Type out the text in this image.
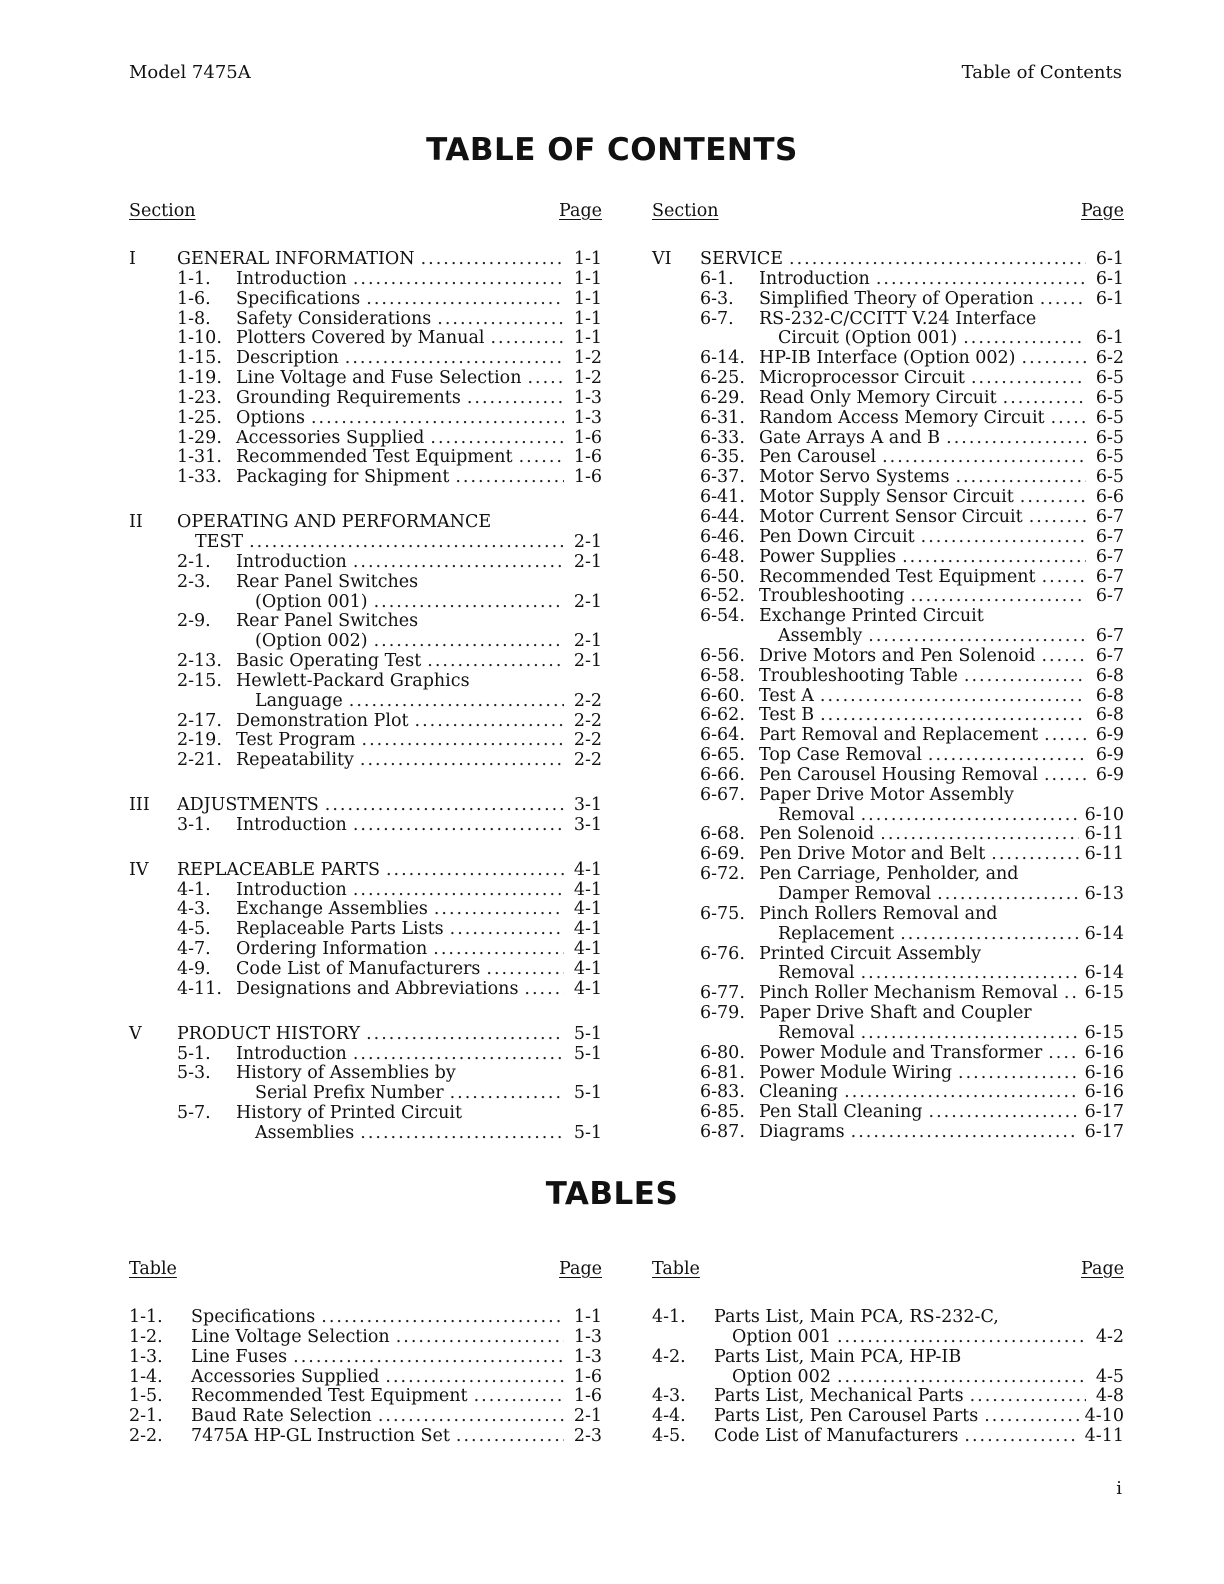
Model 7475A	Table of Contents
TABLE OF CONTENTS
Section	Page
I	GENERAL INFORMATION .....	1-1
1-1.	Introduction .....	1-1
1-6.	Specifications .....	1-1
1-8.	Safety Considerations .....	1-1
1-10. Plotters Covered by Manual .....	1-1
1-15. Description .....	1-2
1-19. Line Voltage and Fuse Selection .....	1-2
1-23. Grounding Requirements .....	1-3
1-25. Options .....	1-3
1-29. Accessories Supplied .....	1-6
1-31. Recommended Test Equipment .....	1-6
1-33. Packaging for Shipment .....	1-6
II	OPERATING AND PERFORMANCE
TEST .....	2-1
2-1.	Introduction .....	2-1
2-3.	Rear Panel Switches
(Option 001) .....	2-1
2-9.	Rear Panel Switches
(Option 002) .....	2-1
2-13. Basic Operating Test .....	2-1
2-15. Hewlett-Packard Graphics
Language .....	2-2
2-17. Demonstration Plot .....	2-2
2-19. Test Program .....	2-2
2-21. Repeatability .....	2-2
III	ADJUSTMENTS .....	3-1
3-1.	Introduction .....	3-1
IV	REPLACEABLE PARTS .....	4-1
4-1.	Introduction .....	4-1
4-3.	Exchange Assemblies .....	4-1
4-5.	Replaceable Parts Lists .....	4-1
4-7.	Ordering Information .....	4-1
4-9.	Code List of Manufacturers .....	4-1
4-11. Designations and Abbreviations .....	4-1
V	PRODUCT HISTORY .....	5-1
5-1.	Introduction .....	5-1
5-3.	History of Assemblies by
Serial Prefix Number .....	5-1
5-7.	History of Printed Circuit
Assemblies .....	5-1
Section	Page
VI	SERVICE .....	6-1
6-1.	Introduction .....	6-1
6-3.	Simplified Theory of Operation .....	6-1
6-7.	RS-232-C/CCITT V.24 Interface
Circuit (Option 001) .....	6-1
6-14. HP-IB Interface (Option 002) .....	6-2
6-25. Microprocessor Circuit .....	6-5
6-29. Read Only Memory Circuit .....	6-5
6-31. Random Access Memory Circuit .....	6-5
6-33. Gate Arrays A and B .....	6-5
6-35. Pen Carousel .....	6-5
6-37. Motor Servo Systems .....	6-5
6-41. Motor Supply Sensor Circuit .....	6-6
6-44. Motor Current Sensor Circuit .....	6-7
6-46. Pen Down Circuit .....	6-7
6-48. Power Supplies .....	6-7
6-50. Recommended Test Equipment .....	6-7
6-52. Troubleshooting .....	6-7
6-54. Exchange Printed Circuit
Assembly .....	6-7
6-56. Drive Motors and Pen Solenoid .....	6-7
6-58. Troubleshooting Table .....	6-8
6-60. Test A .....	6-8
6-62. Test B .....	6-8
6-64. Part Removal and Replacement .....	6-9
6-65. Top Case Removal .....	6-9
6-66. Pen Carousel Housing Removal .....	6-9
6-67. Paper Drive Motor Assembly
Removal .....	6-10
6-68. Pen Solenoid .....	6-11
6-69. Pen Drive Motor and Belt .....	6-11
6-72. Pen Carriage, Penholder, and
Damper Removal .....	6-13
6-75. Pinch Rollers Removal and
Replacement .....	6-14
6-76. Printed Circuit Assembly
Removal .....	6-14
6-77. Pinch Roller Mechanism Removal ..... 6-15
6-79. Paper Drive Shaft and Coupler
Removal .....	6-15
6-80. Power Module and Transformer ..... 6-16
6-81. Power Module Wiring .....	6-16
6-83. Cleaning .....	6-16
6-85. Pen Stall Cleaning .....	6-17
6-87. Diagrams .....	6-17
TABLES
Table	Page
1-1.	Specifications .....	1-1
1-2.	Line Voltage Selection .....	1-3
1-3.	Line Fuses .....	1-3
1-4.	Accessories Supplied .....	1-6
1-5.	Recommended Test Equipment .....	1-6
2-1.	Baud Rate Selection .....	2-1
2-2.	7475A HP-GL Instruction Set .....	2-3
Table	Page
4-1.	Parts List, Main PCA, RS-232-C,
Option 001 .....	4-2
4-2.	Parts List, Main PCA, HP-IB
Option 002 .....	4-5
4-3.	Parts List, Mechanical Parts .....	4-8
4-4.	Parts List, Pen Carousel Parts .....	4-10
4-5.	Code List of Manufacturers .....	4-11
i
